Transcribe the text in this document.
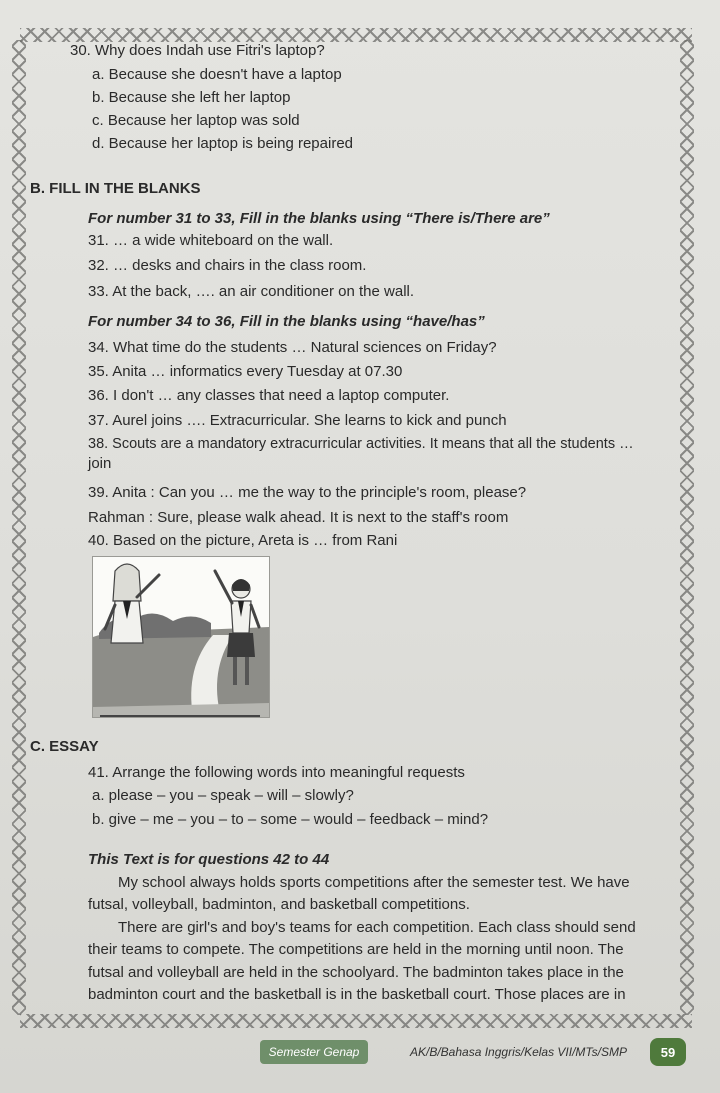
30. Why does Indah use Fitri's laptop?
a. Because she doesn't have a laptop
b. Because she left her laptop
c. Because her laptop was sold
d. Because her laptop is being repaired
B. FILL IN THE BLANKS
For number 31 to 33, Fill in the blanks using “There is/There are”
31. … a wide whiteboard on the wall.
32. … desks and chairs in the class room.
33. At the back, …. an air conditioner on the wall.
For number 34 to 36, Fill in the blanks using “have/has”
34. What time do the students … Natural sciences on Friday?
35. Anita … informatics every Tuesday at 07.30
36. I don't … any classes that need a laptop computer.
37. Aurel joins …. Extracurricular. She learns to kick and punch
38. Scouts are a mandatory extracurricular activities. It means that all the students …
join
39. Anita : Can you … me the way to the principle's room, please?
Rahman : Sure, please walk ahead. It is next to the staff's room
40. Based on the picture, Areta is … from Rani
C. ESSAY
41. Arrange the following words into meaningful requests
a. please – you – speak – will – slowly?
b. give – me – you – to – some – would – feedback – mind?
This Text is for questions 42 to 44
My school always holds sports competitions after the semester test. We have
futsal, volleyball, badminton, and basketball competitions.
There are girl's and boy's teams for each competition. Each class should send
their teams to compete. The competitions are held in the morning until noon. The
futsal and volleyball are held in the schoolyard. The badminton takes place in the
badminton court and the basketball is in the basketball court. Those places are in
Semester Genap	AK/B/Bahasa Inggris/Kelas VII/MTs/SMP	59
